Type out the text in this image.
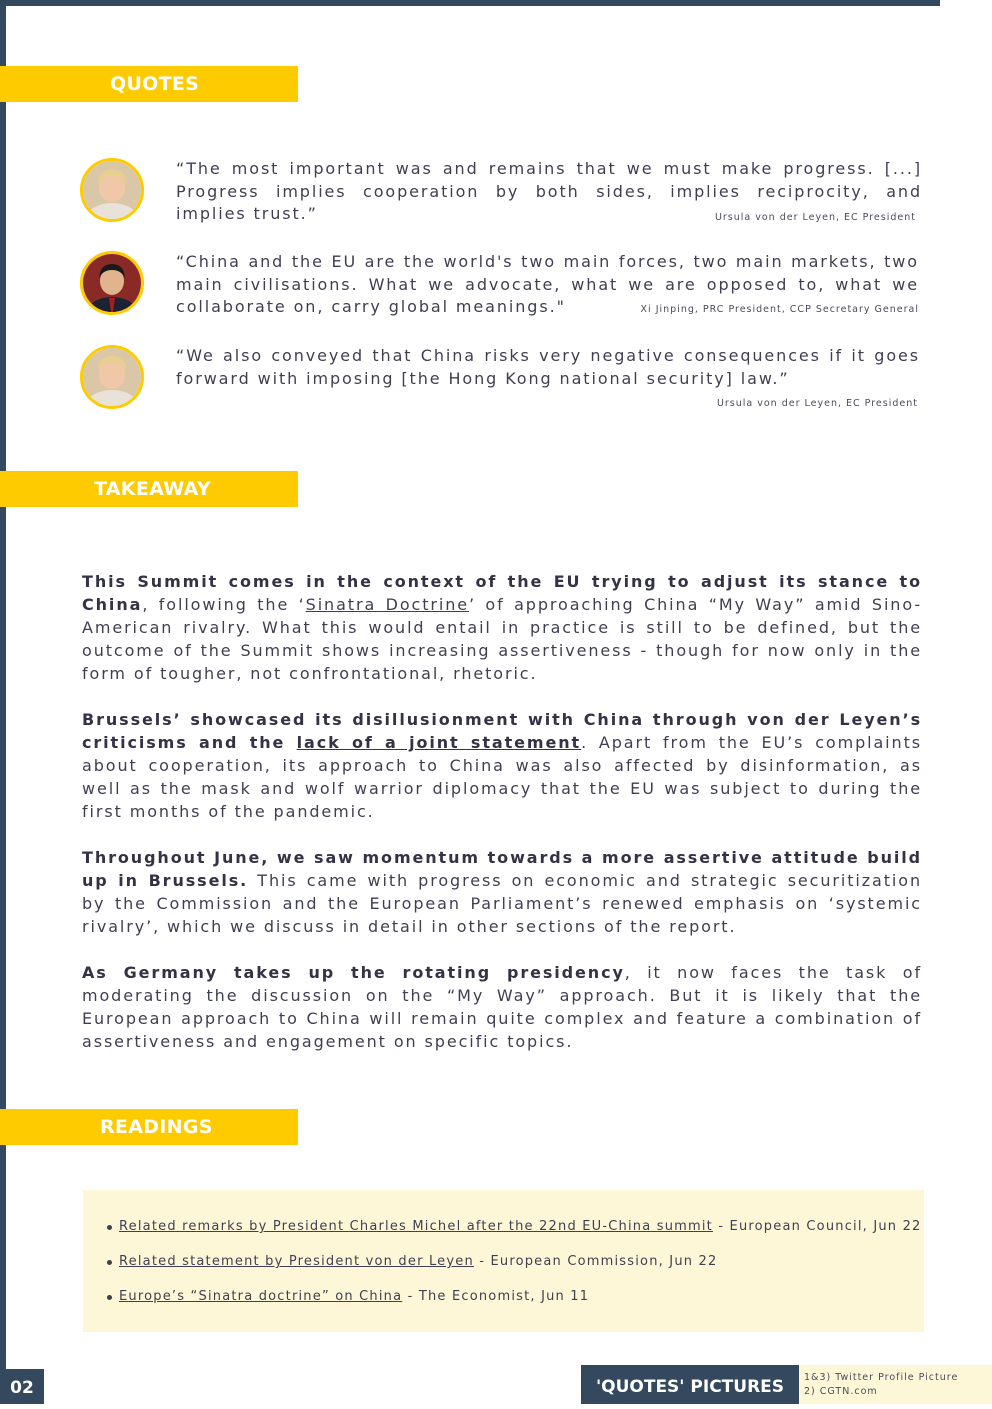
QUOTES
“The most important was and remains that we must make progress. [...] Progress implies cooperation by both sides, implies reciprocity, and implies trust.”	Ursula von der Leyen, EC President
“China and the EU are the world's two main forces, two main markets, two main civilisations. What we advocate, what we are opposed to, what we collaborate on, carry global meanings."	Xi Jinping, PRC President, CCP Secretary General
“We also conveyed that China risks very negative consequences if it goes forward with imposing [the Hong Kong national security] law.”
Ursula von der Leyen, EC President
TAKEAWAY

This Summit comes in the context of the EU trying to adjust its stance to China, following the ‘Sinatra Doctrine’ of approaching China “My Way” amid Sino-American rivalry. What this would entail in practice is still to be defined, but the outcome of the Summit shows increasing assertiveness - though for now only in the form of tougher, not confrontational, rhetoric.

Brussels’ showcased its disillusionment with China through von der Leyen’s criticisms and the lack of a joint statement. Apart from the EU’s complaints about cooperation, its approach to China was also affected by disinformation, as well as the mask and wolf warrior diplomacy that the EU was subject to during the first months of the pandemic.

Throughout June, we saw momentum towards a more assertive attitude build up in Brussels. This came with progress on economic and strategic securitization by the Commission and the European Parliament’s renewed emphasis on ‘systemic rivalry’, which we discuss in detail in other sections of the report.

As Germany takes up the rotating presidency, it now faces the task of moderating the discussion on the “My Way” approach. But it is likely that the European approach to China will remain quite complex and feature a combination of assertiveness and engagement on specific topics.

READINGS
Related remarks by President Charles Michel after the 22nd EU-China summit - European Council, Jun 22
Related statement by President von der Leyen - European Commission, Jun 22
Europe’s “Sinatra doctrine” on China - The Economist, Jun 11
02	'QUOTES' PICTURES	1&3) Twitter Profile Picture
2) CGTN.com
